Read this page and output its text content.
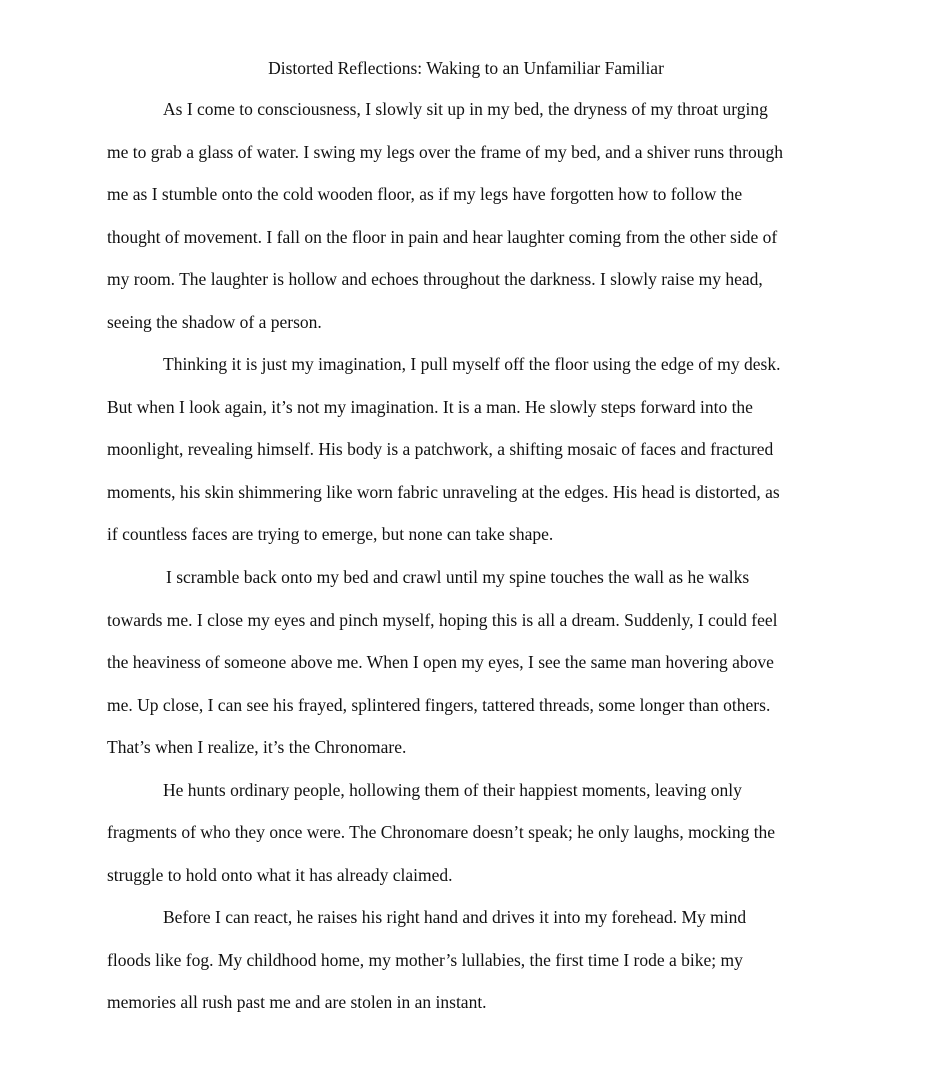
Distorted Reflections: Waking to an Unfamiliar Familiar
As I come to consciousness, I slowly sit up in my bed, the dryness of my throat urging
me to grab a glass of water. I swing my legs over the frame of my bed, and a shiver runs through
me as I stumble onto the cold wooden floor, as if my legs have forgotten how to follow the
thought of movement. I fall on the floor in pain and hear laughter coming from the other side of
my room. The laughter is hollow and echoes throughout the darkness. I slowly raise my head,
seeing the shadow of a person.
Thinking it is just my imagination, I pull myself off the floor using the edge of my desk.
But when I look again, it’s not my imagination. It is a man. He slowly steps forward into the
moonlight, revealing himself. His body is a patchwork, a shifting mosaic of faces and fractured
moments, his skin shimmering like worn fabric unraveling at the edges. His head is distorted, as
if countless faces are trying to emerge, but none can take shape.
I scramble back onto my bed and crawl until my spine touches the wall as he walks
towards me. I close my eyes and pinch myself, hoping this is all a dream. Suddenly, I could feel
the heaviness of someone above me. When I open my eyes, I see the same man hovering above
me. Up close, I can see his frayed, splintered fingers, tattered threads, some longer than others.
That’s when I realize, it’s the Chronomare.
He hunts ordinary people, hollowing them of their happiest moments, leaving only
fragments of who they once were. The Chronomare doesn’t speak; he only laughs, mocking the
struggle to hold onto what it has already claimed.
Before I can react, he raises his right hand and drives it into my forehead. My mind
floods like fog. My childhood home, my mother’s lullabies, the first time I rode a bike; my
memories all rush past me and are stolen in an instant.
